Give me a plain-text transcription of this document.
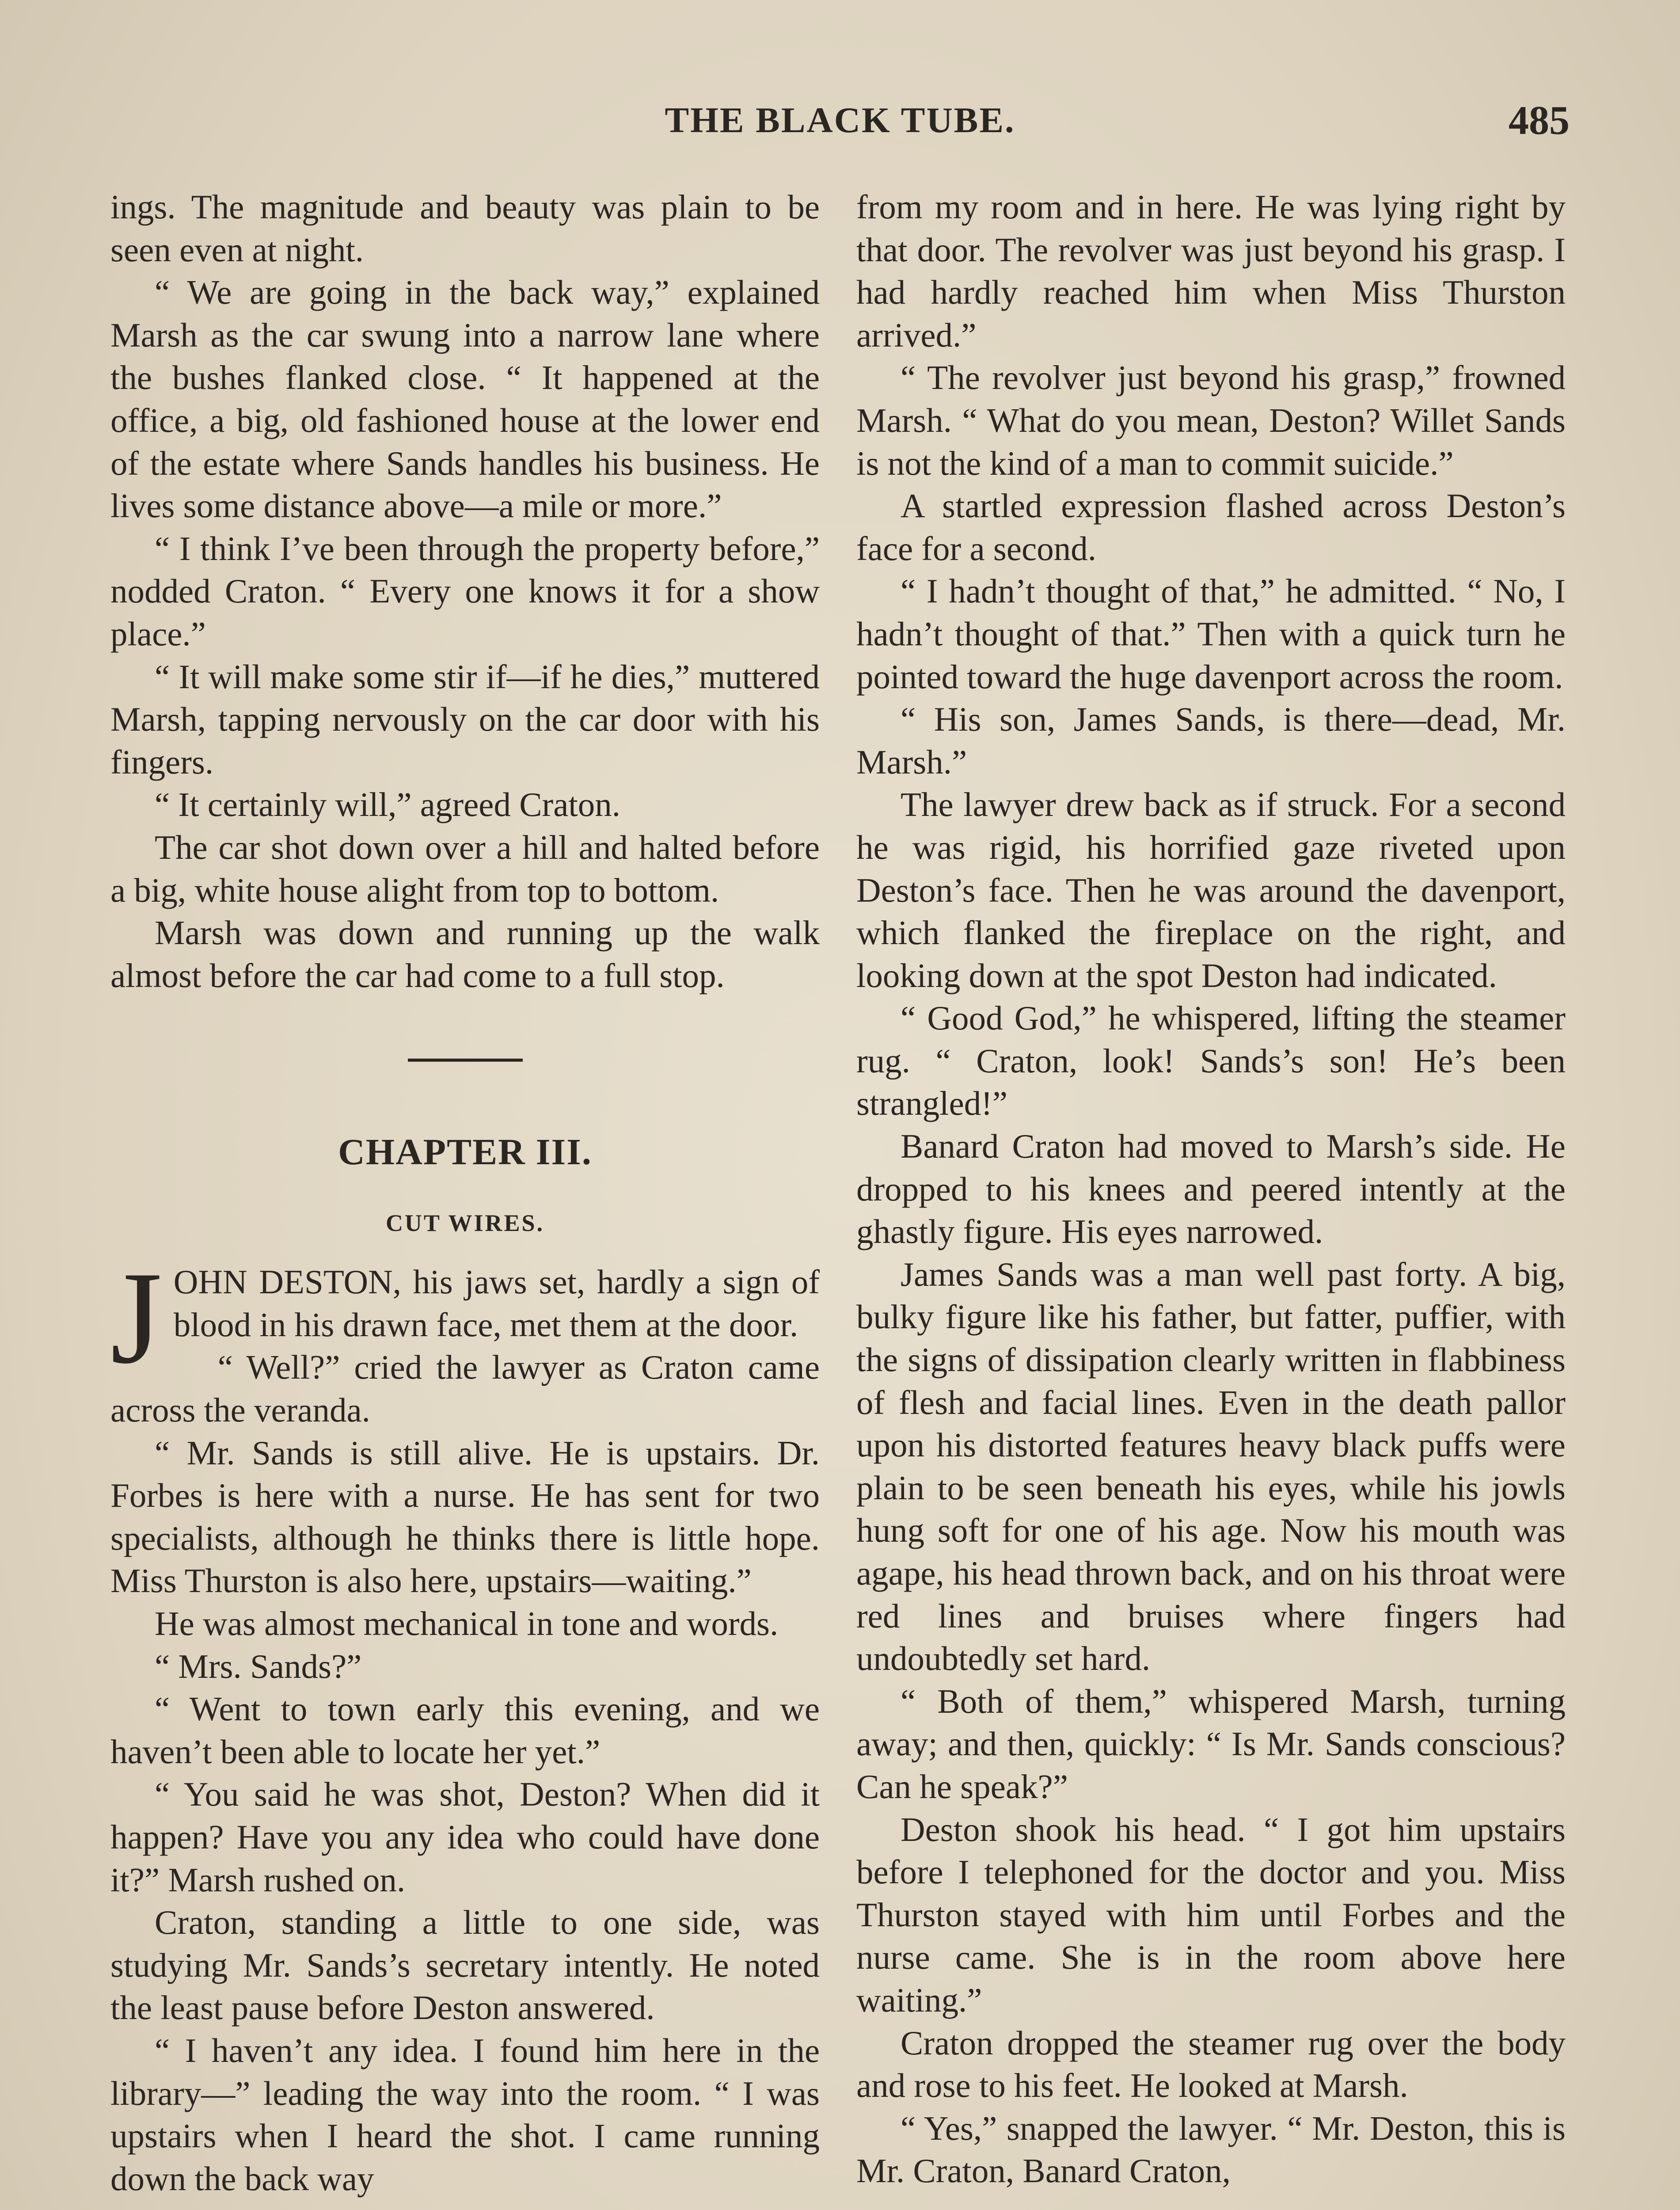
THE BLACK TUBE.	485

ings. The magnitude and beauty was plain to be seen even at night.

“ We are going in the back way,” explained Marsh as the car swung into a narrow lane where the bushes flanked close. “ It happened at the office, a big, old fashioned house at the lower end of the estate where Sands handles his business. He lives some distance above—a mile or more.”

“ I think I’ve been through the property before,” nodded Craton. “ Every one knows it for a show place.”

“ It will make some stir if—if he dies,” muttered Marsh, tapping nervously on the car door with his fingers.

“ It certainly will,” agreed Craton.

The car shot down over a hill and halted before a big, white house alight from top to bottom.

Marsh was down and running up the walk almost before the car had come to a full stop.

CHAPTER III.
CUT WIRES.

JOHN DESTON, his jaws set, hardly a sign of blood in his drawn face, met them at the door.

“ Well?” cried the lawyer as Craton came across the veranda.

“ Mr. Sands is still alive. He is upstairs. Dr. Forbes is here with a nurse. He has sent for two specialists, although he thinks there is little hope. Miss Thurston is also here, upstairs—waiting.”

He was almost mechanical in tone and words.

“ Mrs. Sands?”

“ Went to town early this evening, and we haven’t been able to locate her yet.”

“ You said he was shot, Deston? When did it happen? Have you any idea who could have done it?” Marsh rushed on.

Craton, standing a little to one side, was studying Mr. Sands’s secretary intently. He noted the least pause before Deston answered.

“ I haven’t any idea. I found him here in the library—” leading the way into the room. “ I was upstairs when I heard the shot. I came running down the back way

from my room and in here. He was lying right by that door. The revolver was just beyond his grasp. I had hardly reached him when Miss Thurston arrived.”

“ The revolver just beyond his grasp,” frowned Marsh. “ What do you mean, Deston? Willet Sands is not the kind of a man to commit suicide.”

A startled expression flashed across Deston’s face for a second.

“ I hadn’t thought of that,” he admitted. “ No, I hadn’t thought of that.” Then with a quick turn he pointed toward the huge davenport across the room.

“ His son, James Sands, is there—dead, Mr. Marsh.”

The lawyer drew back as if struck. For a second he was rigid, his horrified gaze riveted upon Deston’s face. Then he was around the davenport, which flanked the fireplace on the right, and looking down at the spot Deston had indicated.

“ Good God,” he whispered, lifting the steamer rug. “ Craton, look! Sands’s son! He’s been strangled!”

Banard Craton had moved to Marsh’s side. He dropped to his knees and peered intently at the ghastly figure. His eyes narrowed.

James Sands was a man well past forty. A big, bulky figure like his father, but fatter, puffier, with the signs of dissipation clearly written in flabbiness of flesh and facial lines. Even in the death pallor upon his distorted features heavy black puffs were plain to be seen beneath his eyes, while his jowls hung soft for one of his age. Now his mouth was agape, his head thrown back, and on his throat were red lines and bruises where fingers had undoubtedly set hard.

“ Both of them,” whispered Marsh, turning away; and then, quickly: “ Is Mr. Sands conscious? Can he speak?”

Deston shook his head. “ I got him upstairs before I telephoned for the doctor and you. Miss Thurston stayed with him until Forbes and the nurse came. She is in the room above here waiting.”

Craton dropped the steamer rug over the body and rose to his feet. He looked at Marsh.

“ Yes,” snapped the lawyer. “ Mr. Deston, this is Mr. Craton, Banard Craton,
